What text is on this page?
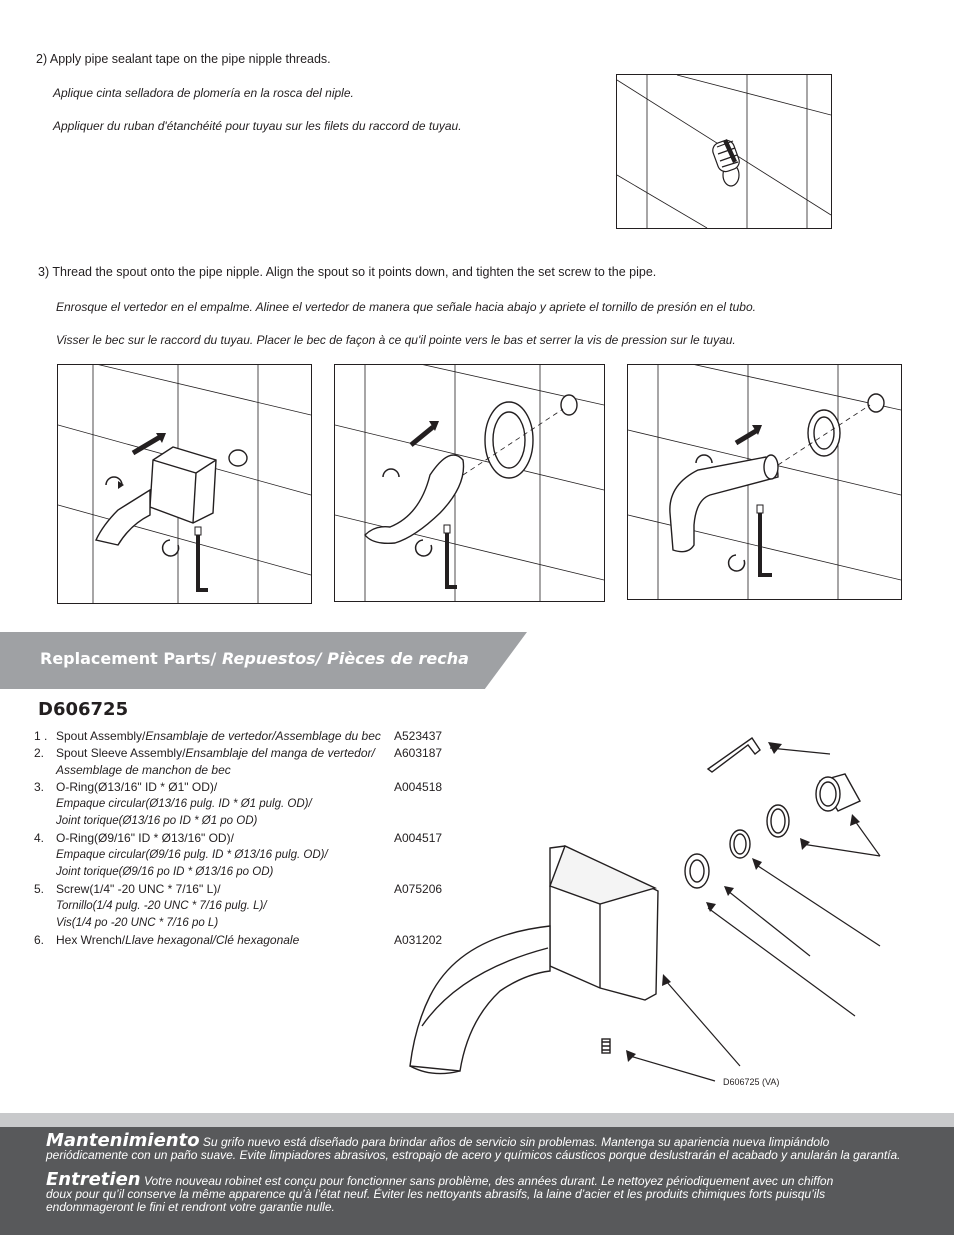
2) Apply pipe sealant tape on the pipe nipple threads.
Aplique cinta selladora de plomería en la rosca del niple.
Appliquer du ruban d'étanchéité pour tuyau sur les filets du raccord de tuyau.
3) Thread the spout onto the pipe nipple. Align the spout so it points down, and tighten the set screw to the pipe.
Enrosque el vertedor en el empalme. Alinee el vertedor de manera que señale hacia abajo y apriete el tornillo de presión en el tubo.
Visser le bec sur le raccord du tuyau. Placer le bec de façon à ce qu'il pointe vers le bas et serrer la vis de pression sur le tuyau.
Replacement Parts/ Repuestos/ Pièces de recha
D606725
1 . Spout Assembly/Ensamblaje de vertedor/Assemblage du bec A523437
2. Spout Sleeve Assembly/Ensamblaje del manga de vertedor/ A603187
Assemblage de manchon de bec
3. O-Ring(Ø13/16" ID * Ø1" OD)/	A004518
Empaque circular(Ø13/16 pulg. ID * Ø1 pulg. OD)/
Joint torique(Ø13/16 po ID * Ø1 po OD)
4. O-Ring(Ø9/16" ID * Ø13/16" OD)/	A004517
Empaque circular(Ø9/16 pulg. ID * Ø13/16 pulg. OD)/
Joint torique(Ø9/16 po ID * Ø13/16 po OD)
5. Screw(1/4" -20 UNC * 7/16" L)/	A075206
Tornillo(1/4 pulg. -20 UNC * 7/16 pulg. L)/
Vis(1/4 po -20 UNC * 7/16 po L)
6. Hex Wrench/Llave hexagonal/Clé hexagonale	A031202
D606725 (VA)
Mantenimiento Su grifo nuevo está diseñado para brindar años de servicio sin problemas. Mantenga su apariencia nueva limpiándolo
periódicamente con un paño suave. Evite limpiadores abrasivos, estropajo de acero y químicos cáusticos porque deslustrarán el acabado y anularán la garantía.
Entretien Votre nouveau robinet est conçu pour fonctionner sans problème, des années durant. Le nettoyez périodiquement avec un chiffon
doux pour qu’il conserve la même apparence qu’à l’état neuf. Éviter les nettoyants abrasifs, la laine d’acier et les produits chimiques forts puisqu’ils
endommageront le fini et rendront votre garantie nulle.
